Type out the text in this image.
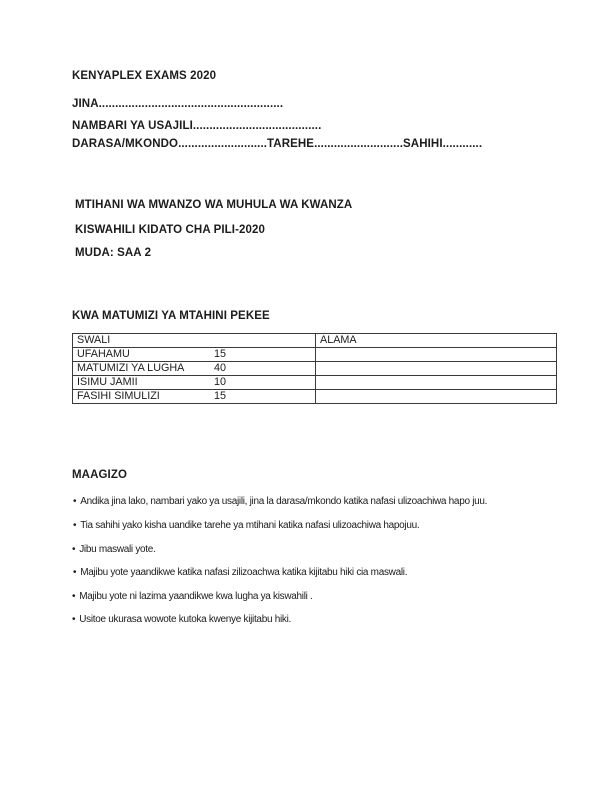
KENYAPLEX EXAMS 2020
JINA........................................................
NAMBARI YA USAJILI.......................................
DARASA/MKONDO...........................TAREHE...........................SAHIHI............
MTIHANI WA MWANZO WA MUHULA WA KWANZA
KISWAHILI KIDATO CHA PILI-2020
MUDA: SAA 2
KWA MATUMIZI YA MTAHINI PEKEE
SWALI	ALAMA
UFAHAMU 15	
MATUMIZI YA LUGHA 40	
ISIMU JAMII 10	
FASIHI SIMULIZI 15	
MAAGIZO
• Andika jina lako, nambari yako ya usajili, jina la darasa/mkondo katika nafasi ulizoachiwa hapo juu.
• Tia sahihi yako kisha uandike tarehe ya mtihani katika nafasi ulizoachiwa hapojuu.
• Jibu maswali yote.
• Majibu yote yaandikwe katika nafasi zilizoachwa katika kijitabu hiki cia maswali.
• Majibu yote ni lazima yaandikwe kwa lugha ya kiswahili .
• Usitoe ukurasa wowote kutoka kwenye kijitabu hiki.
